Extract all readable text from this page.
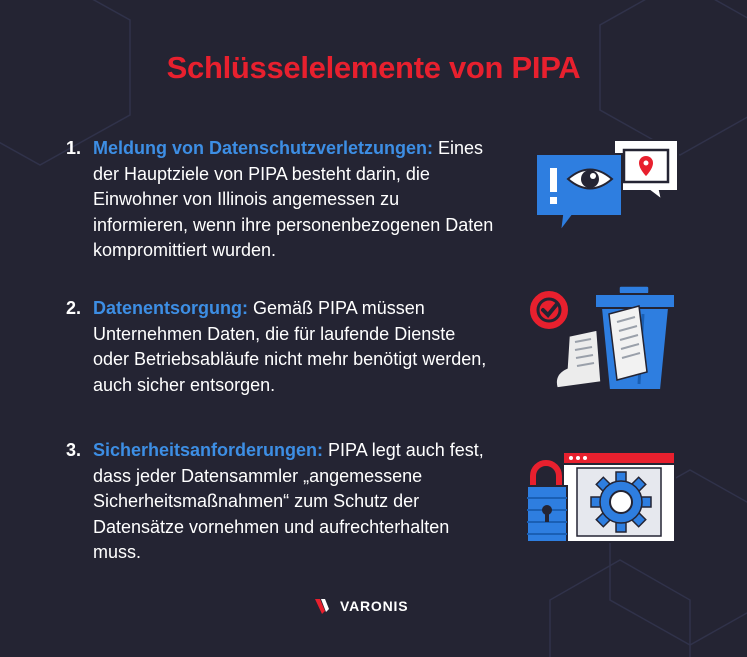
Schlüsselelemente von PIPA
1. Meldung von Datenschutzverletzungen: Eines der Hauptziele von PIPA besteht darin, die Einwohner von Illinois angemessen zu informieren, wenn ihre personenbezogenen Daten kompromittiert wurden.
2. Datenentsorgung: Gemäß PIPA müssen Unternehmen Daten, die für laufende Dienste oder Betriebsabläufe nicht mehr benötigt werden, auch sicher entsorgen.
3. Sicherheitsanforderungen: PIPA legt auch fest, dass jeder Datensammler „angemessene Sicherheitsmaßnahmen“ zum Schutz der Datensätze vornehmen und aufrechterhalten muss.
VARONIS
